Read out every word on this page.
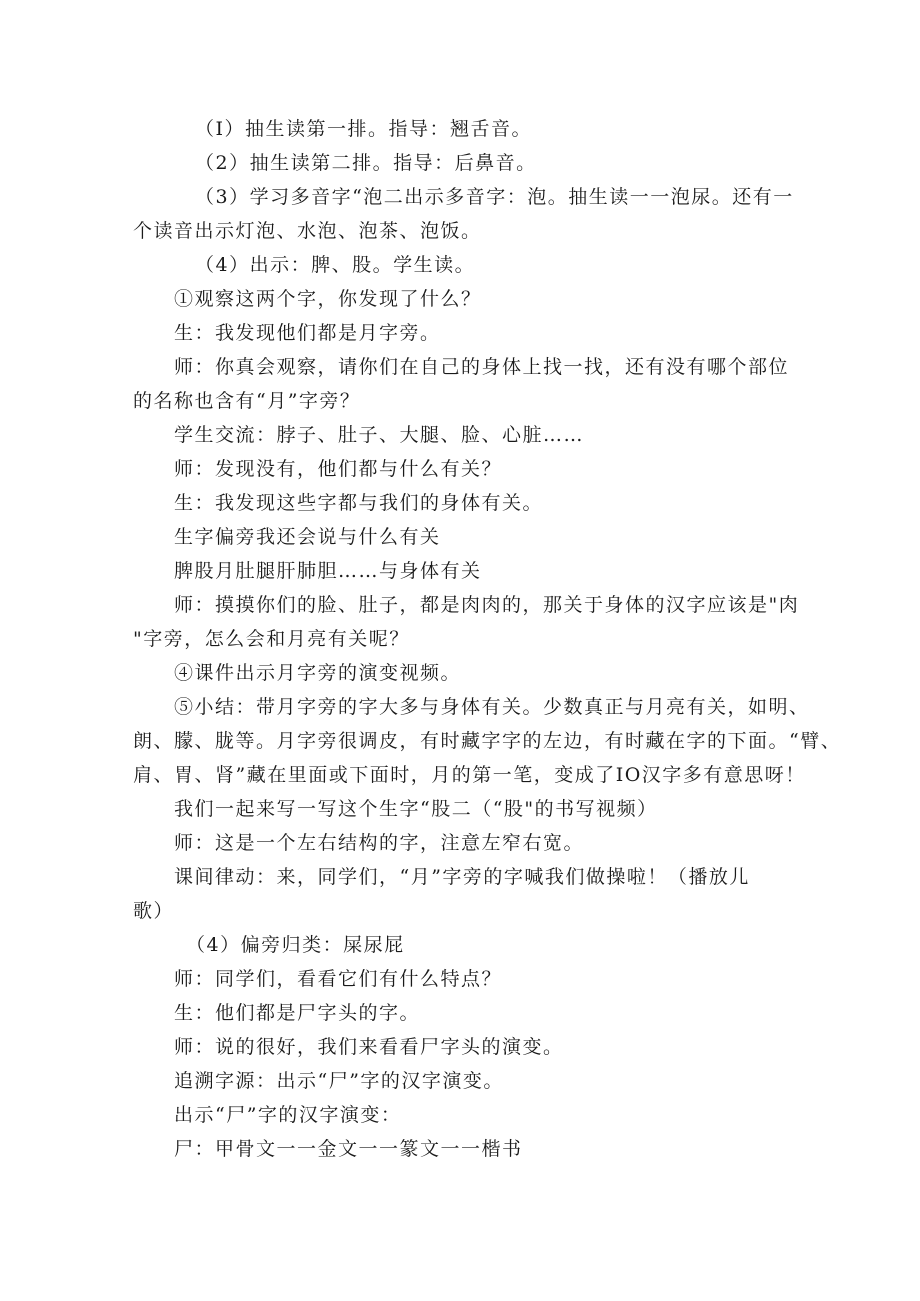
（I）抽生读第一排。指导：翘舌音。
（2）抽生读第二排。指导：后鼻音。
（3）学习多音字“泡二出示多音字：泡。抽生读一一泡尿。还有一
个读音出示灯泡、水泡、泡茶、泡饭。
（4）出示：脾、股。学生读。
①观察这两个字，你发现了什么？
生：我发现他们都是月字旁。
师：你真会观察，请你们在自己的身体上找一找，还有没有哪个部位
的名称也含有“月”字旁？
学生交流：脖子、肚子、大腿、脸、心脏……
师：发现没有，他们都与什么有关？
生：我发现这些字都与我们的身体有关。
生字偏旁我还会说与什么有关
脾股月肚腿肝肺胆……与身体有关
师：摸摸你们的脸、肚子，都是肉肉的，那关于身体的汉字应该是"肉
"字旁，怎么会和月亮有关呢？
④课件出示月字旁的演变视频。
⑤小结：带月字旁的字大多与身体有关。少数真正与月亮有关，如明、
朗、朦、胧等。月字旁很调皮，有时藏字字的左边，有时藏在字的下面。“臂、
肩、胃、肾”藏在里面或下面时，月的第一笔，变成了IO汉字多有意思呀！
我们一起来写一写这个生字“股二（“股"的书写视频）
师：这是一个左右结构的字，注意左窄右宽。
课间律动：来，同学们，“月”字旁的字喊我们做操啦！（播放儿
歌）
（4）偏旁归类：屎尿屁
师：同学们，看看它们有什么特点？
生：他们都是尸字头的字。
师：说的很好，我们来看看尸字头的演变。
追溯字源：出示“尸”字的汉字演变。
出示“尸”字的汉字演变：
尸：甲骨文一一金文一一篆文一一楷书
